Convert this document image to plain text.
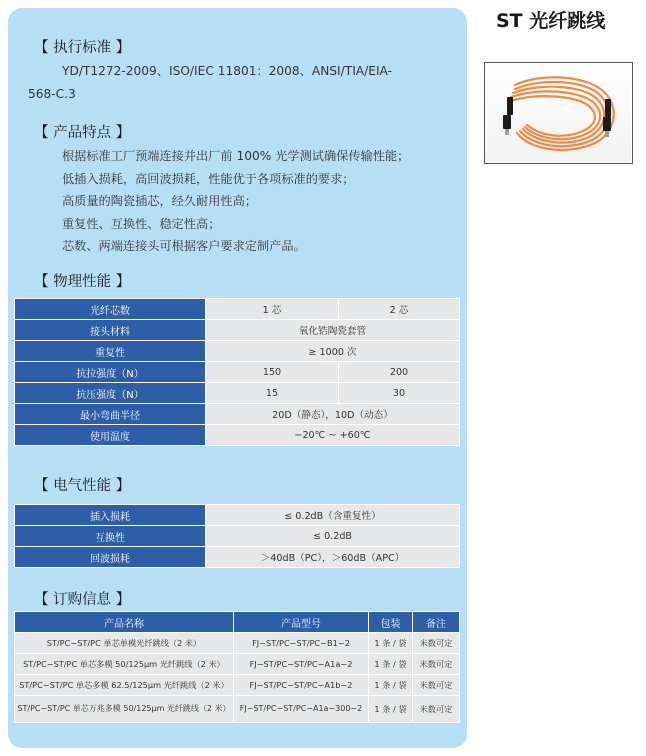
【 执行标准 】
YD/T1272-2009、ISO/IEC 11801：2008、ANSI/TIA/EIA-
568-C.3
【 产品特点 】
根据标准工厂预端连接并出厂前 100% 光学测试确保传输性能；
低插入损耗，高回波损耗，性能优于各项标准的要求；
高质量的陶瓷插芯，经久耐用性高；
重复性、互换性、稳定性高；
芯数、两端连接头可根据客户要求定制产品。
【 物理性能 】
光纤芯数	1 芯	2 芯
接头材料	氧化锆陶瓷套管	
重复性	≥ 1000 次	
抗拉强度（N）	150	200
抗压强度（N）	15	30
最小弯曲半径	20D（静态），10D（动态）	
使用温度	−20℃ ~ +60℃	
【 电气性能 】
插入损耗	≤ 0.2dB（含重复性）
互换性	≤ 0.2dB
回波损耗	＞40dB（PC），＞60dB（APC）
【 订购信息 】
产品名称	产品型号	包装	备注
ST/PC−ST/PC 单芯单模光纤跳线（2 米）	FJ−ST/PC−ST/PC−B1−2	1 条 / 袋	米数可定
ST/PC−ST/PC 单芯多模 50/125μm 光纤跳线（2 米）	FJ−ST/PC−ST/PC−A1a−2	1 条 / 袋	米数可定
ST/PC−ST/PC 单芯多模 62.5/125μm 光纤跳线（2 米）	FJ−ST/PC−ST/PC−A1b−2	1 条 / 袋	米数可定
ST/PC−ST/PC 单芯万兆多模 50/125μm 光纤跳线（2 米）	FJ−ST/PC−ST/PC−A1a−300−2	1 条 / 袋	米数可定
ST 光纤跳线
